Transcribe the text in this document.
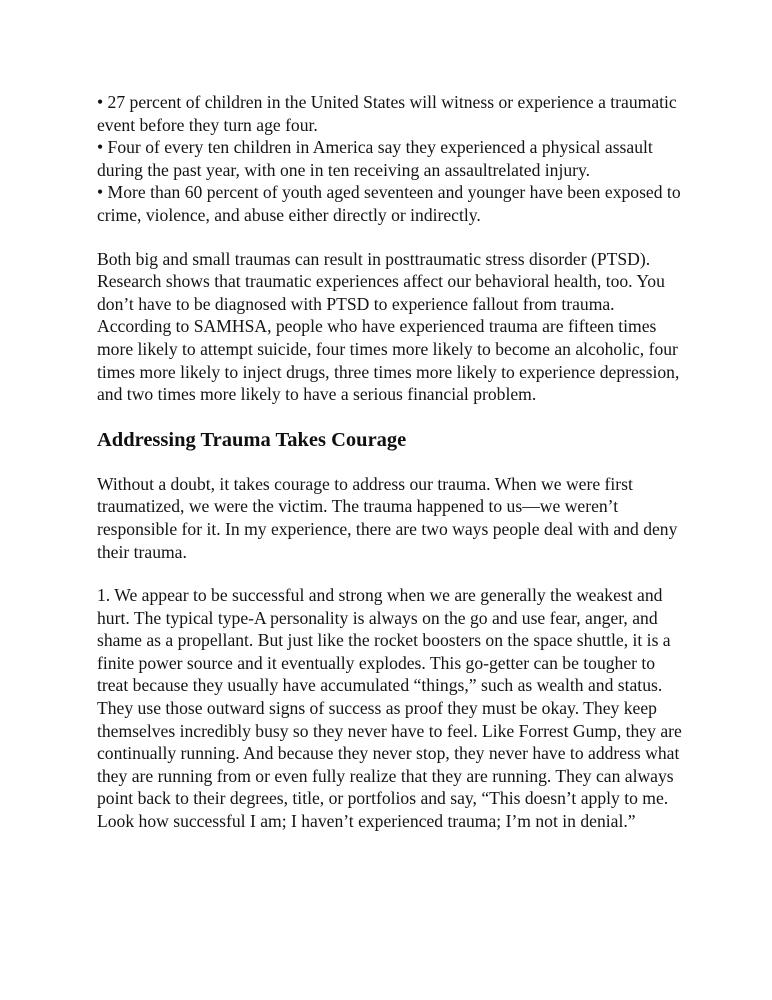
• 27 percent of children in the United States will witness or experience a traumatic event before they turn age four.

• Four of every ten children in America say they experienced a physical assault during the past year, with one in ten receiving an assaultrelated injury.

• More than 60 percent of youth aged seventeen and younger have been exposed to crime, violence, and abuse either directly or indirectly.

Both big and small traumas can result in posttraumatic stress disorder (PTSD). Research shows that traumatic experiences affect our behavioral health, too. You don’t have to be diagnosed with PTSD to experience fallout from trauma. According to SAMHSA, people who have experienced trauma are fifteen times more likely to attempt suicide, four times more likely to become an alcoholic, four times more likely to inject drugs, three times more likely to experience depression, and two times more likely to have a serious financial problem.

Addressing Trauma Takes Courage

Without a doubt, it takes courage to address our trauma. When we were first traumatized, we were the victim. The trauma happened to us—we weren’t responsible for it. In my experience, there are two ways people deal with and deny their trauma.

1. We appear to be successful and strong when we are generally the weakest and hurt. The typical type-A personality is always on the go and use fear, anger, and shame as a propellant. But just like the rocket boosters on the space shuttle, it is a finite power source and it eventually explodes. This go-getter can be tougher to treat because they usually have accumulated “things,” such as wealth and status. They use those outward signs of success as proof they must be okay. They keep themselves incredibly busy so they never have to feel. Like Forrest Gump, they are continually running. And because they never stop, they never have to address what they are running from or even fully realize that they are running. They can always point back to their degrees, title, or portfolios and say, “This doesn’t apply to me. Look how successful I am; I haven’t experienced trauma; I’m not in denial.”
